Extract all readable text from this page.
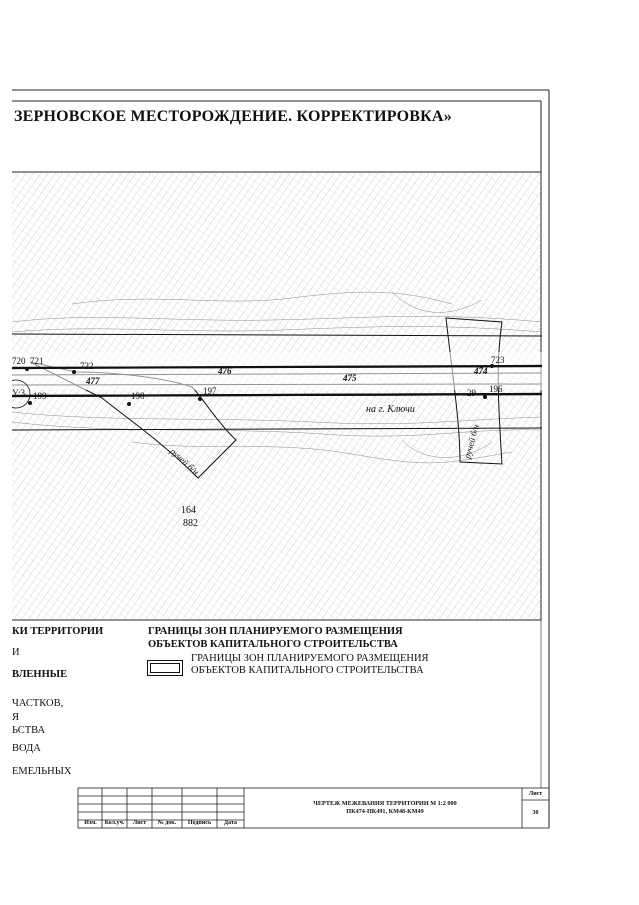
ЗЕРНОВСКОЕ МЕСТОРОЖДЕНИЕ. КОРРЕКТИРОВКА»
720 721	722
723
199	198	197	196
29
477
476
475
474
У:3
ручей б/н
ручей б/н
на г. Ключи
164
882
КИ ТЕРРИТОРИИ
И
ВЛЕННЫЕ
ЧАСТКОВ,
Я
ЬСТВА
ВОДА
ЕМЕЛЬНЫХ
ГРАНИЦЫ ЗОН ПЛАНИРУЕМОГО РАЗМЕЩЕНИЯ
ОБЪЕКТОВ КАПИТАЛЬНОГО СТРОИТЕЛЬСТВА
ГРАНИЦЫ ЗОН ПЛАНИРУЕМОГО РАЗМЕЩЕНИЯ
ОБЪЕКТОВ КАПИТАЛЬНОГО СТРОИТЕЛЬСТВА
Изм.	Кол.уч.	Лист	№ док.	Подпись	Дата
ЧЕРТЕЖ МЕЖЕВАНИЯ ТЕРРИТОРИИ М 1:2 000
ПК474-ПК491, КМ48-КМ49
Лист
30
